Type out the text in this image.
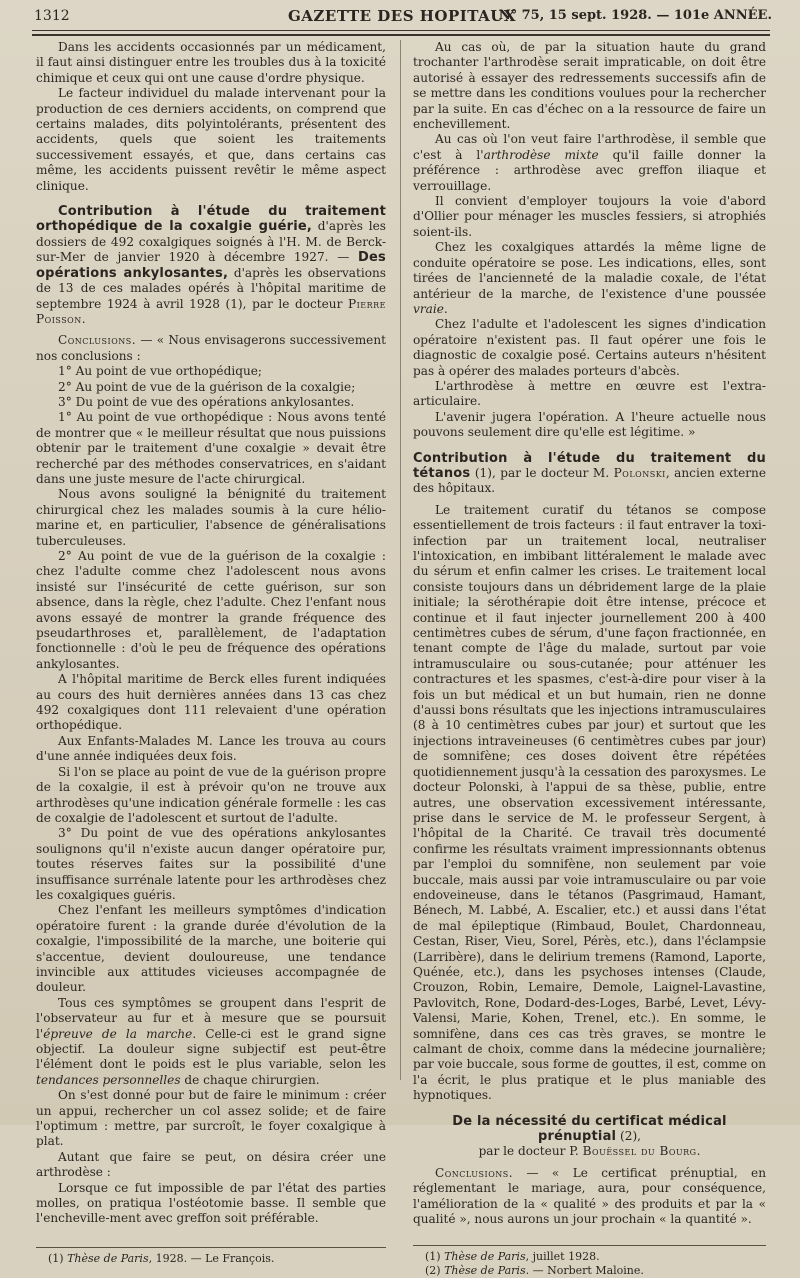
1312	GAZETTE DES HOPITAUX
N° 75, 15 sept. 1928. — 101e ANNÉE.

Dans les accidents occasionnés par un médicament, il faut ainsi distinguer entre les troubles dus à la toxicité chimique et ceux qui ont une cause d'ordre physique.

Le facteur individuel du malade intervenant pour la production de ces derniers accidents, on comprend que certains malades, dits polyintolérants, présentent des accidents, quels que soient les traitements successivement essayés, et que, dans certains cas même, les accidents puissent revêtir le même aspect clinique.

Contribution à l'étude du traitement orthopédique de la coxalgie guérie, d'après les dossiers de 492 coxalgiques soignés à l'H. M. de Berck-sur-Mer de janvier 1920 à décembre 1927. — Des opérations ankylosantes, d'après les observations de 13 de ces malades opérés à l'hôpital maritime de septembre 1924 à avril 1928 (1), par le docteur Pierre Poisson.

Conclusions. — « Nous envisagerons successivement nos conclusions :

1° Au point de vue orthopédique;

2° Au point de vue de la guérison de la coxalgie;

3° Du point de vue des opérations ankylosantes.

1° Au point de vue orthopédique : Nous avons tenté de montrer que « le meilleur résultat que nous puissions obtenir par le traitement d'une coxalgie » devait être recherché par des méthodes conservatrices, en s'aidant dans une juste mesure de l'acte chirurgical.

Nous avons souligné la bénignité du traitement chirurgical chez les malades soumis à la cure hélio-marine et, en particulier, l'absence de généralisations tuberculeuses.

2° Au point de vue de la guérison de la coxalgie : chez l'adulte comme chez l'adolescent nous avons insisté sur l'insécurité de cette guérison, sur son absence, dans la règle, chez l'adulte. Chez l'enfant nous avons essayé de montrer la grande fréquence des pseudarthroses et, parallèlement, de l'adaptation fonctionnelle : d'où le peu de fréquence des opérations ankylosantes.

A l'hôpital maritime de Berck elles furent indiquées au cours des huit dernières années dans 13 cas chez 492 coxalgiques dont 111 relevaient d'une opération orthopédique.

Aux Enfants-Malades M. Lance les trouva au cours d'une année indiquées deux fois.

Si l'on se place au point de vue de la guérison propre de la coxalgie, il est à prévoir qu'on ne trouve aux arthrodèses qu'une indication générale formelle : les cas de coxalgie de l'adolescent et surtout de l'adulte.

3° Du point de vue des opérations ankylosantes soulignons qu'il n'existe aucun danger opératoire pur, toutes réserves faites sur la possibilité d'une insuffisance surrénale latente pour les arthrodèses chez les coxalgiques guéris.

Chez l'enfant les meilleurs symptômes d'indication opératoire furent : la grande durée d'évolution de la coxalgie, l'impossibilité de la marche, une boiterie qui s'accentue, devient douloureuse, une tendance invincible aux attitudes vicieuses accompagnée de douleur.

Tous ces symptômes se groupent dans l'esprit de l'observateur au fur et à mesure que se poursuit l'épreuve de la marche. Celle-ci est le grand signe objectif. La douleur signe subjectif est peut-être l'élément dont le poids est le plus variable, selon les tendances personnelles de chaque chirurgien.

On s'est donné pour but de faire le minimum : créer un appui, rechercher un col assez solide; et de faire l'optimum : mettre, par surcroît, le foyer coxalgique à plat.

Autant que faire se peut, on désira créer une arthrodèse :

Lorsque ce fut impossible de par l'état des parties molles, on pratiqua l'ostéotomie basse. Il semble que l'encheville-ment avec greffon soit préférable.

(1) Thèse de Paris, 1928. — Le François.

Au cas où, de par la situation haute du grand trochanter l'arthrodèse serait impraticable, on doit être autorisé à essayer des redressements successifs afin de se mettre dans les conditions voulues pour la rechercher par la suite. En cas d'échec on a la ressource de faire un enchevillement.

Au cas où l'on veut faire l'arthrodèse, il semble que c'est à l'arthrodèse mixte qu'il faille donner la préférence : arthrodèse avec greffon iliaque et verrouillage.

Il convient d'employer toujours la voie d'abord d'Ollier pour ménager les muscles fessiers, si atrophiés soient-ils.

Chez les coxalgiques attardés la même ligne de conduite opératoire se pose. Les indications, elles, sont tirées de l'ancienneté de la maladie coxale, de l'état antérieur de la marche, de l'existence d'une poussée vraie.

Chez l'adulte et l'adolescent les signes d'indication opératoire n'existent pas. Il faut opérer une fois le diagnostic de coxalgie posé. Certains auteurs n'hésitent pas à opérer des malades porteurs d'abcès.

L'arthrodèse à mettre en œuvre est l'extra-articulaire.

L'avenir jugera l'opération. A l'heure actuelle nous pouvons seulement dire qu'elle est légitime. »

Contribution à l'étude du traitement du tétanos (1), par le docteur M. Polonski, ancien externe des hôpitaux.

Le traitement curatif du tétanos se compose essentiellement de trois facteurs : il faut entraver la toxi-infection par un traitement local, neutraliser l'intoxication, en imbibant littéralement le malade avec du sérum et enfin calmer les crises. Le traitement local consiste toujours dans un débridement large de la plaie initiale; la sérothérapie doit être intense, précoce et continue et il faut injecter journellement 200 à 400 centimètres cubes de sérum, d'une façon fractionnée, en tenant compte de l'âge du malade, surtout par voie intramusculaire ou sous-cutanée; pour atténuer les contractures et les spasmes, c'est-à-dire pour viser à la fois un but médical et un but humain, rien ne donne d'aussi bons résultats que les injections intramusculaires (8 à 10 centimètres cubes par jour) et surtout que les injections intraveineuses (6 centimètres cubes par jour) de somnifène; ces doses doivent être répétées quotidiennement jusqu'à la cessation des paroxysmes. Le docteur Polonski, à l'appui de sa thèse, publie, entre autres, une observation excessivement intéressante, prise dans le service de M. le professeur Sergent, à l'hôpital de la Charité. Ce travail très documenté confirme les résultats vraiment impressionnants obtenus par l'emploi du somnifène, non seulement par voie buccale, mais aussi par voie intramusculaire ou par voie endoveineuse, dans le tétanos (Pasgrimaud, Hamant, Bénech, M. Labbé, A. Escalier, etc.) et aussi dans l'état de mal épileptique (Rimbaud, Boulet, Chardonneau, Cestan, Riser, Vieu, Sorel, Pérès, etc.), dans l'éclampsie (Larribère), dans le delirium tremens (Ramond, Laporte, Quénée, etc.), dans les psychoses intenses (Claude, Crouzon, Robin, Lemaire, Demole, Laignel-Lavastine, Pavlovitch, Rone, Dodard-des-Loges, Barbé, Levet, Lévy-Valensi, Marie, Kohen, Trenel, etc.). En somme, le somnifène, dans ces cas très graves, se montre le calmant de choix, comme dans la médecine journalière; par voie buccale, sous forme de gouttes, il est, comme on l'a écrit, le plus pratique et le plus maniable des hypnotiques.

De la nécessité du certificat médical prénuptial (2),
par le docteur P. Bouëssel du Bourg.

Conclusions. — « Le certificat prénuptial, en réglementant le mariage, aura, pour conséquence, l'amélioration de la « qualité » des produits et par la « qualité », nous aurons un jour prochain « la quantité ».

(1) Thèse de Paris, juillet 1928.

(2) Thèse de Paris. — Norbert Maloine.
